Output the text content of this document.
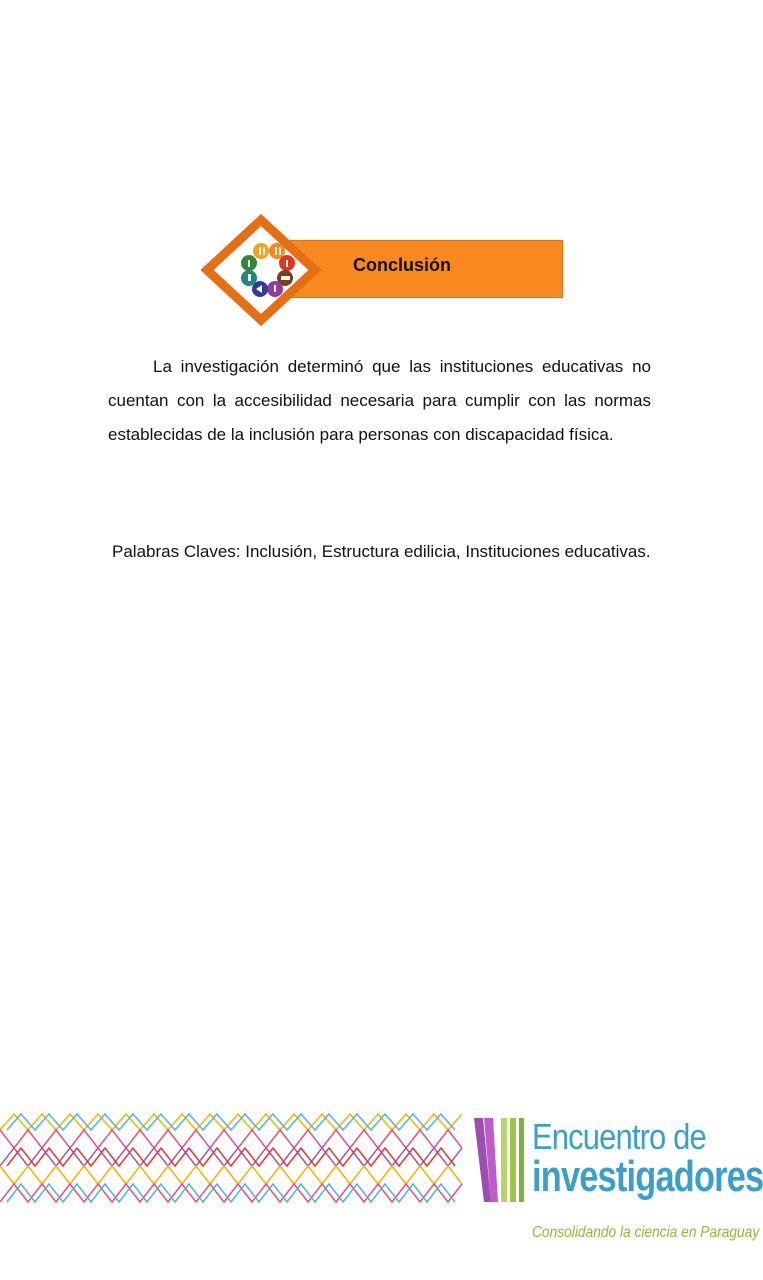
Conclusión

La investigación determinó que las instituciones educativas no cuentan con la accesibilidad necesaria para cumplir con las normas establecidas de la inclusión para personas con discapacidad física.

Palabras Claves: Inclusión, Estructura edilicia, Instituciones educativas.

Encuentro de
investigadores
Consolidando la ciencia en Paraguay
